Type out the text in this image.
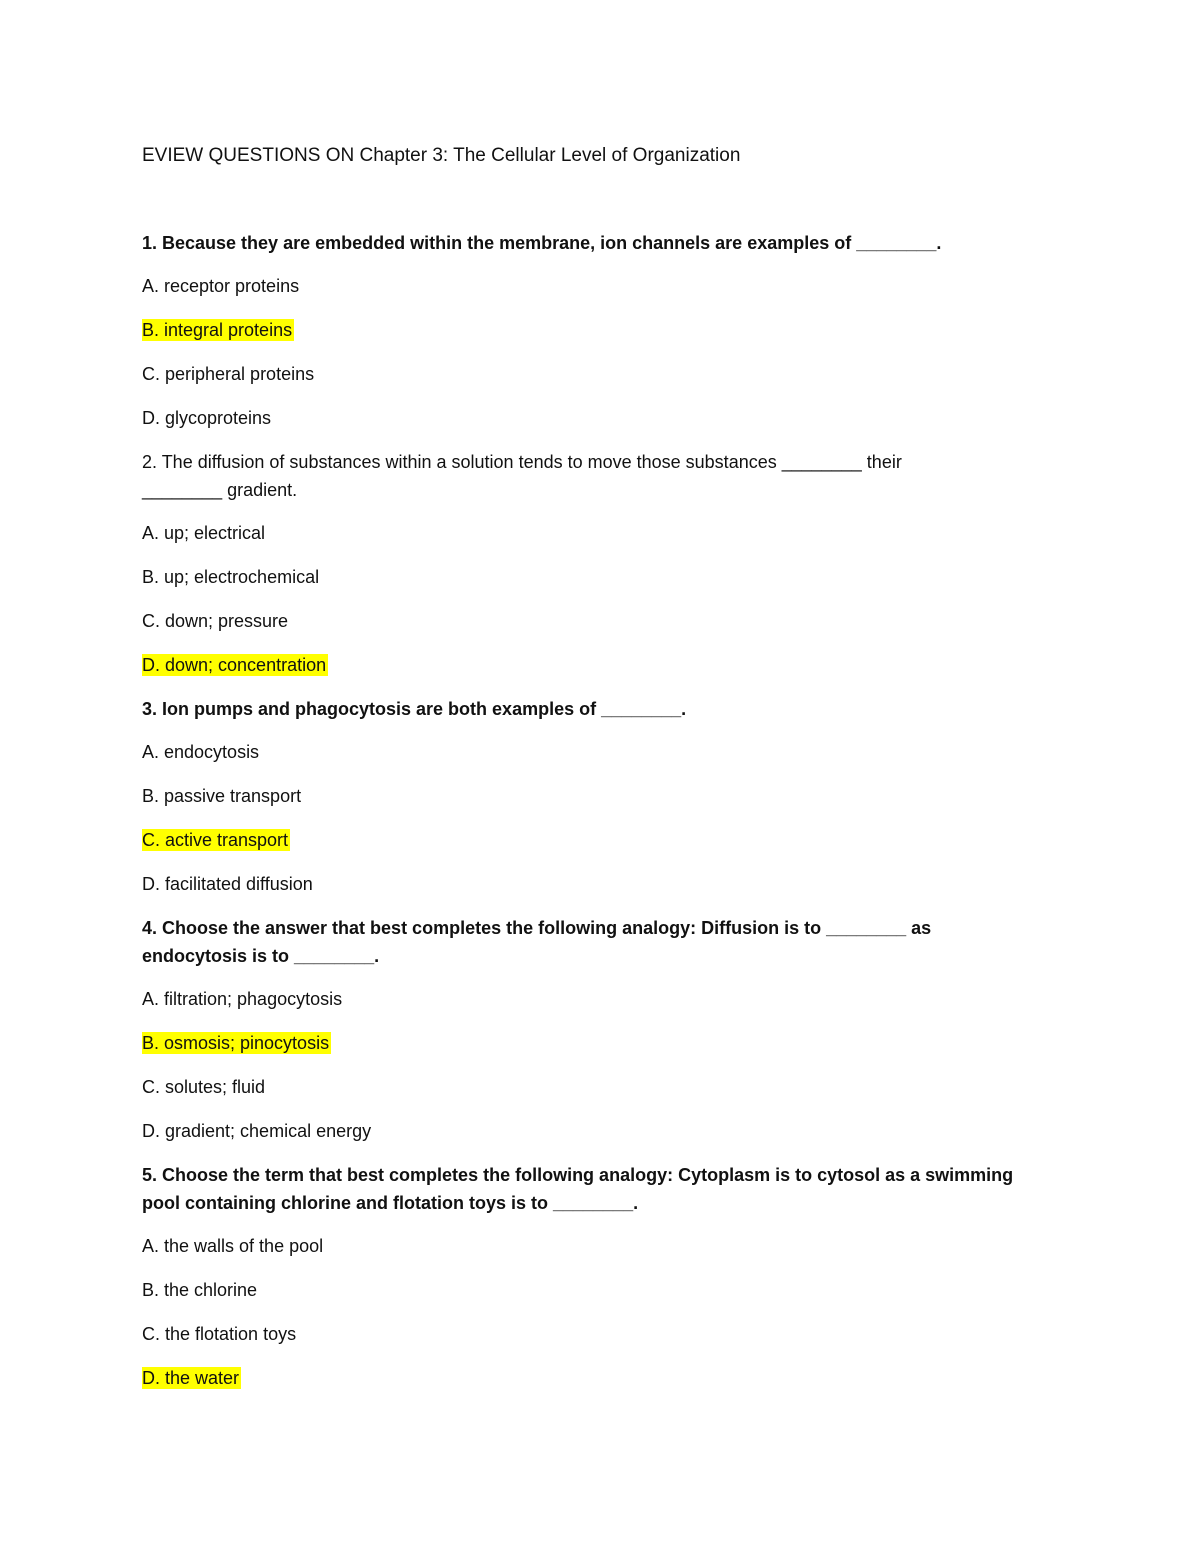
EVIEW QUESTIONS ON Chapter 3: The Cellular Level of Organization
1. Because they are embedded within the membrane, ion channels are examples of ________.
A. receptor proteins
B. integral proteins
C. peripheral proteins
D. glycoproteins
2. The diffusion of substances within a solution tends to move those substances ________ their ________ gradient.
A. up; electrical
B. up; electrochemical
C. down; pressure
D. down; concentration
3. Ion pumps and phagocytosis are both examples of ________.
A. endocytosis
B. passive transport
C. active transport
D. facilitated diffusion
4. Choose the answer that best completes the following analogy: Diffusion is to ________ as endocytosis is to ________.
A. filtration; phagocytosis
B. osmosis; pinocytosis
C. solutes; fluid
D. gradient; chemical energy
5. Choose the term that best completes the following analogy: Cytoplasm is to cytosol as a swimming pool containing chlorine and flotation toys is to ________.
A. the walls of the pool
B. the chlorine
C. the flotation toys
D. the water
